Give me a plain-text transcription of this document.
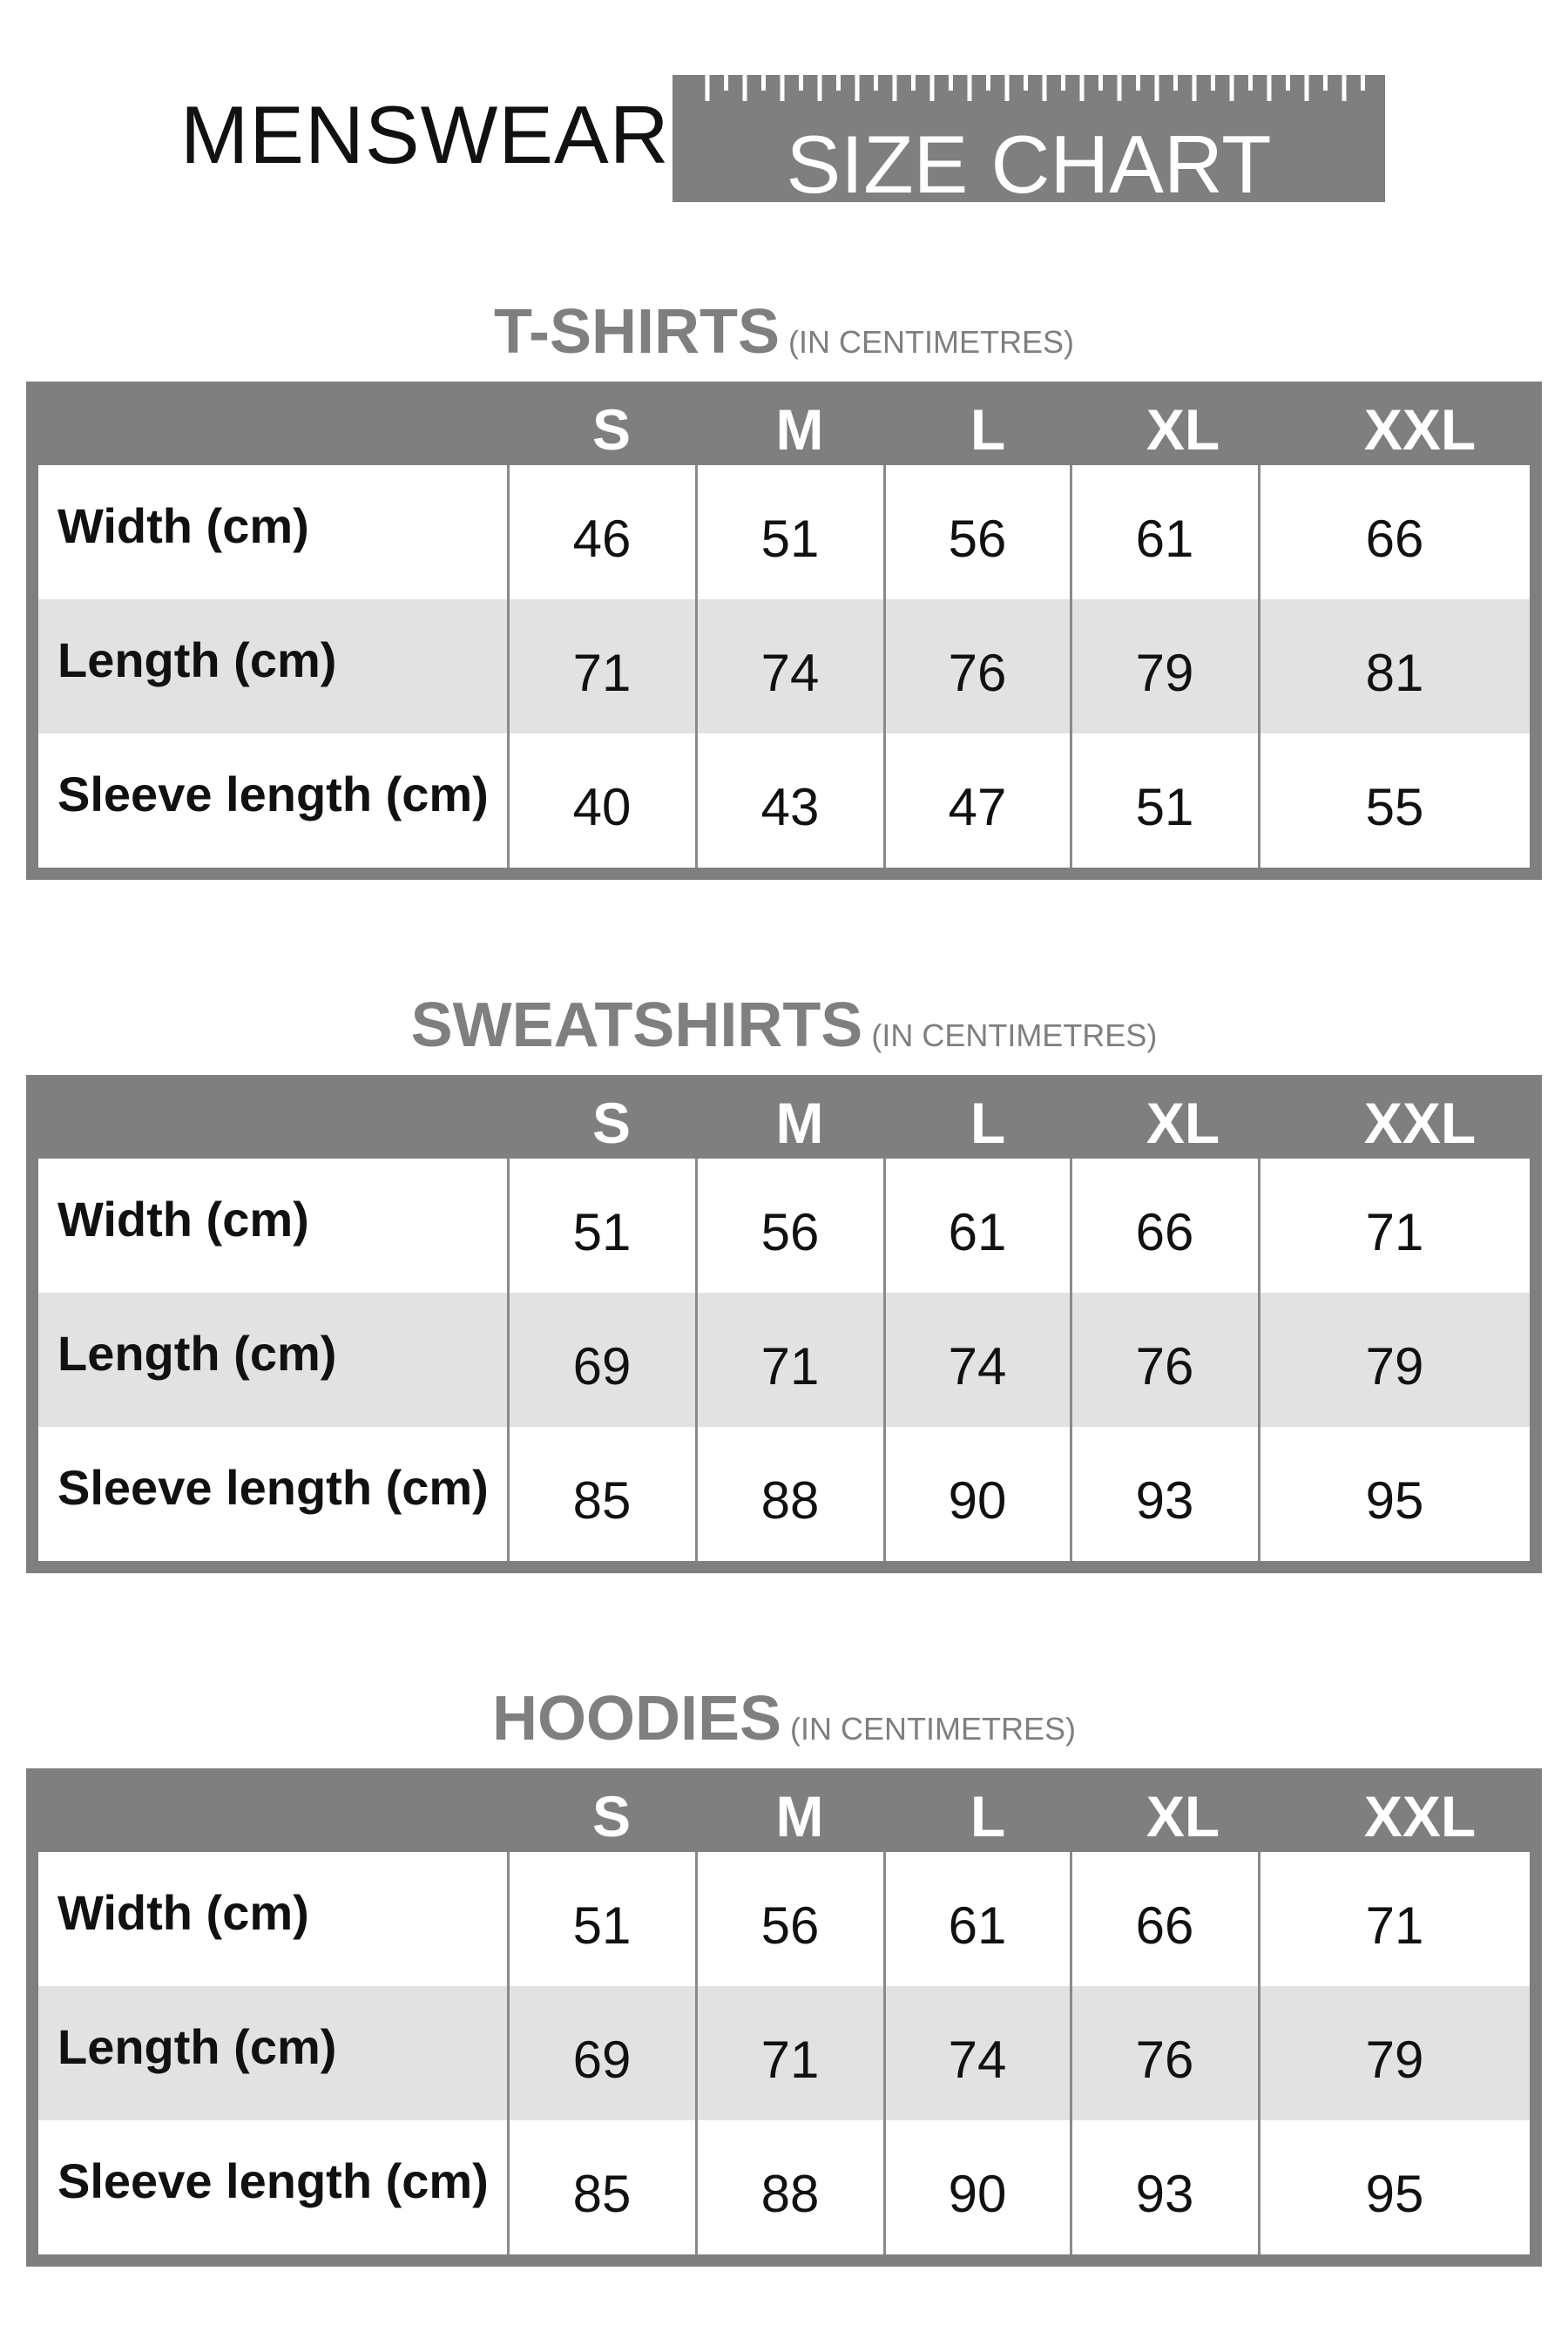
MENSWEAR	SIZE CHART
T-SHIRTS (IN CENTIMETRES)
S	M	L	XL	XXL
Width (cm)	46	51	56	61	66
Length (cm)	71	74	76	79	81
Sleeve length (cm)	40	43	47	51	55
SWEATSHIRTS (IN CENTIMETRES)
S	M	L	XL	XXL
Width (cm)	51	56	61	66	71
Length (cm)	69	71	74	76	79
Sleeve length (cm)	85	88	90	93	95
HOODIES (IN CENTIMETRES)
S	M	L	XL	XXL
Width (cm)	51	56	61	66	71
Length (cm)	69	71	74	76	79
Sleeve length (cm)	85	88	90	93	95
